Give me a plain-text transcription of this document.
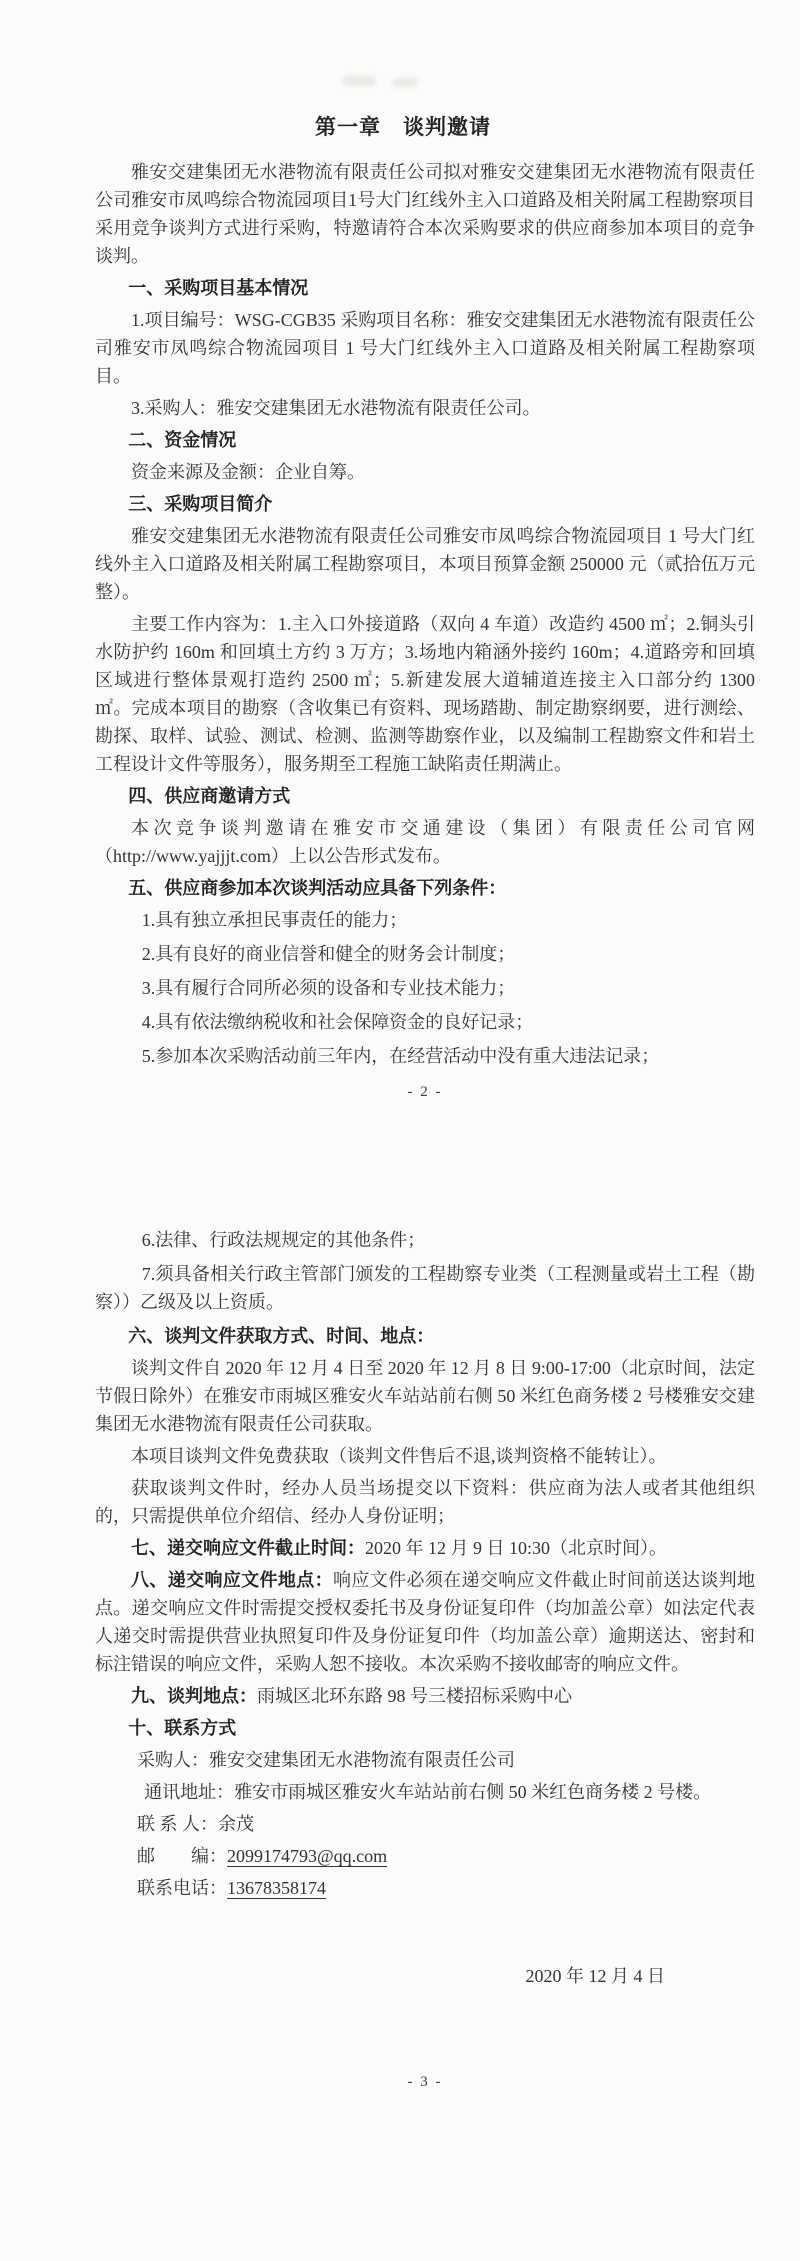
第一章　谈判邀请

雅安交建集团无水港物流有限责任公司拟对雅安交建集团无水港物流有限责任公司雅安市凤鸣综合物流园项目1号大门红线外主入口道路及相关附属工程勘察项目采用竞争谈判方式进行采购，特邀请符合本次采购要求的供应商参加本项目的竞争谈判。

一、采购项目基本情况

1.项目编号：WSG-CGB35 采购项目名称：雅安交建集团无水港物流有限责任公司雅安市凤鸣综合物流园项目 1 号大门红线外主入口道路及相关附属工程勘察项目。

3.采购人：雅安交建集团无水港物流有限责任公司。

二、资金情况

资金来源及金额：企业自筹。

三、采购项目简介

雅安交建集团无水港物流有限责任公司雅安市凤鸣综合物流园项目 1 号大门红线外主入口道路及相关附属工程勘察项目，本项目预算金额 250000 元（贰拾伍万元整）。

主要工作内容为：1.主入口外接道路（双向 4 车道）改造约 4500 ㎡；2.铜头引水防护约 160m 和回填土方约 3 万方；3.场地内箱涵外接约 160m；4.道路旁和回填区域进行整体景观打造约 2500 ㎡；5.新建发展大道辅道连接主入口部分约 1300 ㎡。完成本项目的勘察（含收集已有资料、现场踏勘、制定勘察纲要，进行测绘、勘探、取样、试验、测试、检测、监测等勘察作业，以及编制工程勘察文件和岩土工程设计文件等服务），服务期至工程施工缺陷责任期满止。

四、供应商邀请方式

本次竞争谈判邀请在雅安市交通建设（集团）有限责任公司官网（http://www.yajjjt.com）上以公告形式发布。

五、供应商参加本次谈判活动应具备下列条件：

1.具有独立承担民事责任的能力；

2.具有良好的商业信誉和健全的财务会计制度；

3.具有履行合同所必须的设备和专业技术能力；

4.具有依法缴纳税收和社会保障资金的良好记录；

5.参加本次采购活动前三年内，在经营活动中没有重大违法记录；

- 2 -

6.法律、行政法规规定的其他条件；

7.须具备相关行政主管部门颁发的工程勘察专业类（工程测量或岩土工程（勘察））乙级及以上资质。

六、谈判文件获取方式、时间、地点：

谈判文件自 2020 年 12 月 4 日至 2020 年 12 月 8 日 9:00-17:00（北京时间，法定节假日除外）在雅安市雨城区雅安火车站站前右侧 50 米红色商务楼 2 号楼雅安交建集团无水港物流有限责任公司获取。

本项目谈判文件免费获取（谈判文件售后不退,谈判资格不能转让）。

获取谈判文件时，经办人员当场提交以下资料：供应商为法人或者其他组织的，只需提供单位介绍信、经办人身份证明；

七、递交响应文件截止时间：2020 年 12 月 9 日 10:30（北京时间）。

八、递交响应文件地点：响应文件必须在递交响应文件截止时间前送达谈判地点。递交响应文件时需提交授权委托书及身份证复印件（均加盖公章）如法定代表人递交时需提供营业执照复印件及身份证复印件（均加盖公章）逾期送达、密封和标注错误的响应文件，采购人恕不接收。本次采购不接收邮寄的响应文件。

九、谈判地点：雨城区北环东路 98 号三楼招标采购中心

十、联系方式

采购人：雅安交建集团无水港物流有限责任公司

通讯地址：雅安市雨城区雅安火车站站前右侧 50 米红色商务楼 2 号楼。

联 系 人：余茂

邮　　编：2099174793@qq.com

联系电话：13678358174

2020 年 12 月 4 日

- 3 -
